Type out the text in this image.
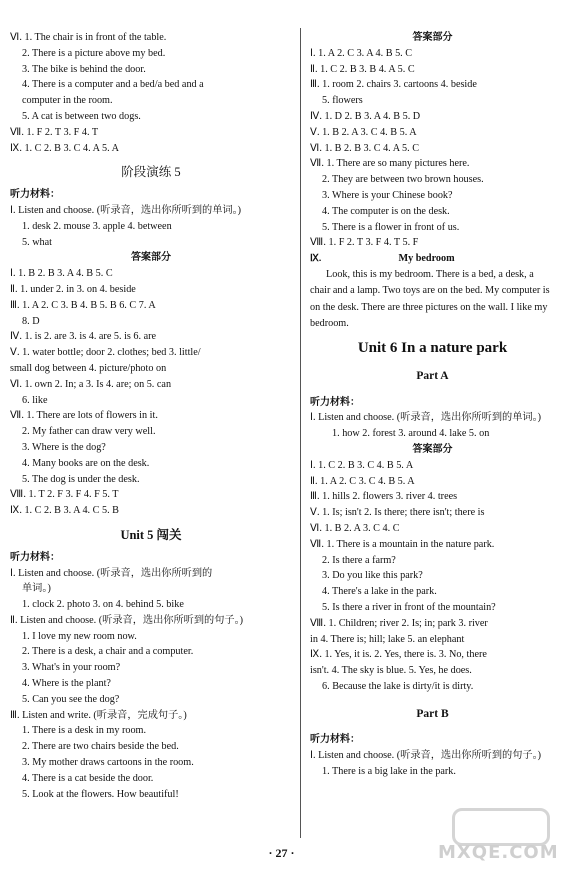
Ⅵ. 1. The chair is in front of the table.
2. There is a picture above my bed.
3. The bike is behind the door.
4. There is a computer and a bed/a bed and a
computer in the room.
5. A cat is between two dogs.
Ⅶ. 1. F 2. T 3. F 4. T
Ⅸ. 1. C 2. B 3. C 4. A 5. A
阶段演练 5
听力材料：
Ⅰ. Listen and choose. (听录音，选出你所听到的单词。)
1. desk 2. mouse 3. apple 4. between
5. what
答案部分
Ⅰ. 1. B 2. B 3. A 4. B 5. C
Ⅱ. 1. under 2. in 3. on 4. beside
Ⅲ. 1. A 2. C 3. B 4. B 5. B 6. C 7. A
8. D
Ⅳ. 1. is 2. are 3. is 4. are 5. is 6. are
Ⅴ. 1. water bottle; door 2. clothes; bed 3. little/
small dog between 4. picture/photo on
Ⅵ. 1. own 2. In; a 3. Is 4. are; on 5. can
6. like
Ⅶ. 1. There are lots of flowers in it.
2. My father can draw very well.
3. Where is the dog?
4. Many books are on the desk.
5. The dog is under the desk.
Ⅷ. 1. T 2. F 3. F 4. F 5. T
Ⅸ. 1. C 2. B 3. A 4. C 5. B
Unit 5 闯关
听力材料：
Ⅰ. Listen and choose. (听录音，选出你所听到的
单词。)
1. clock 2. photo 3. on 4. behind 5. bike
Ⅱ. Listen and choose. (听录音，选出你所听到的句子。)
1. I love my new room now.
2. There is a desk, a chair and a computer.
3. What's in your room?
4. Where is the plant?
5. Can you see the dog?
Ⅲ. Listen and write. (听录音，完成句子。)
1. There is a desk in my room.
2. There are two chairs beside the bed.
3. My mother draws cartoons in the room.
4. There is a cat beside the door.
5. Look at the flowers. How beautiful!
答案部分
Ⅰ. 1. A 2. C 3. A 4. B 5. C
Ⅱ. 1. C 2. B 3. B 4. A 5. C
Ⅲ. 1. room 2. chairs 3. cartoons 4. beside
5. flowers
Ⅳ. 1. D 2. B 3. A 4. B 5. D
Ⅴ. 1. B 2. A 3. C 4. B 5. A
Ⅵ. 1. B 2. B 3. C 4. A 5. C
Ⅶ. 1. There are so many pictures here.
2. They are between two brown houses.
3. Where is your Chinese book?
4. The computer is on the desk.
5. There is a flower in front of us.
Ⅷ. 1. F 2. T 3. F 4. T 5. F
Ⅸ.	My bedroom
Look, this is my bedroom. There is a bed, a desk, a chair and a lamp. Two toys are on the bed. My computer is on the desk. There are three pictures on the wall. I like my bedroom.
Unit 6 In a nature park
Part A
听力材料：
Ⅰ. Listen and choose. (听录音，选出你所听到的单词。)
1. how 2. forest 3. around 4. lake 5. on
答案部分
Ⅰ. 1. C 2. B 3. C 4. B 5. A
Ⅱ. 1. A 2. C 3. C 4. B 5. A
Ⅲ. 1. hills 2. flowers 3. river 4. trees
Ⅴ. 1. Is; isn't 2. Is there; there isn't; there is
Ⅵ. 1. B 2. A 3. C 4. C
Ⅶ. 1. There is a mountain in the nature park.
2. Is there a farm?
3. Do you like this park?
4. There's a lake in the park.
5. Is there a river in front of the mountain?
Ⅷ. 1. Children; river 2. Is; in; park 3. river
in 4. There is; hill; lake 5. an elephant
Ⅸ. 1. Yes, it is. 2. Yes, there is. 3. No, there
isn't. 4. The sky is blue. 5. Yes, he does.
6. Because the lake is dirty/it is dirty.
Part B
听力材料：
Ⅰ. Listen and choose. (听录音，选出你所听到的句子。)
1. There is a big lake in the park.
· 27 ·	MXQE.COM
